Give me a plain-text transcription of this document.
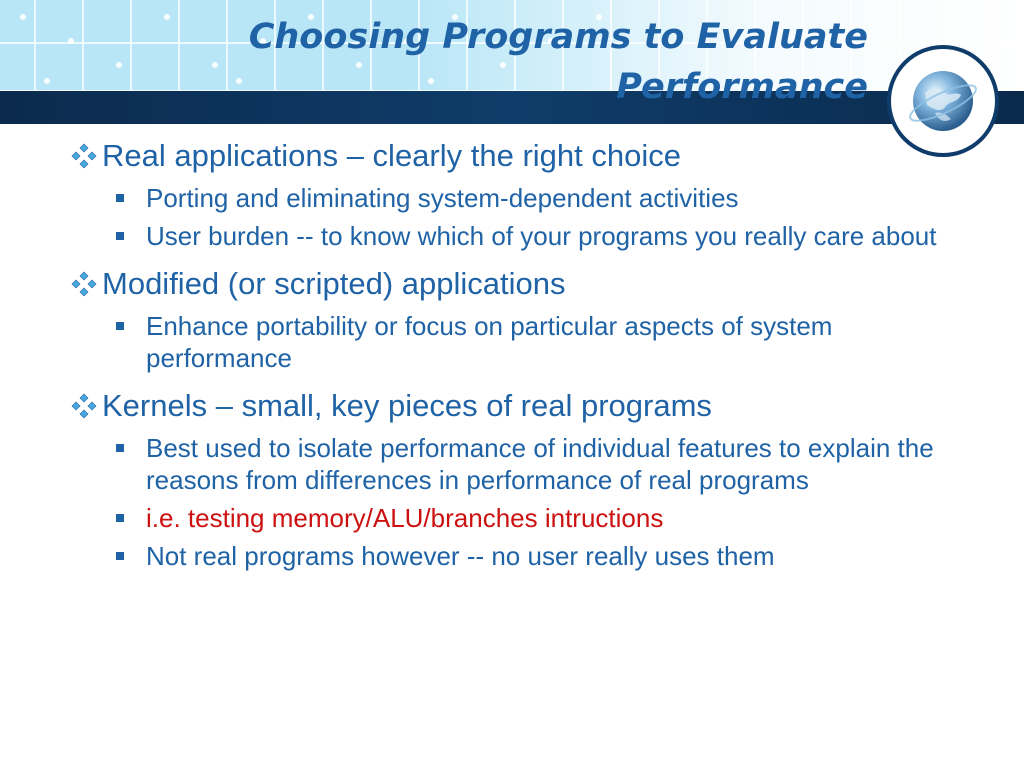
Choosing Programs to Evaluate Performance
Real applications – clearly the right choice
Porting and eliminating system-dependent activities
User burden -- to know which of your programs you really care about
Modified (or scripted) applications
Enhance portability or focus on particular aspects of system performance
Kernels – small, key pieces of real programs
Best used to isolate performance of individual features to explain the reasons from differences in performance of real programs
i.e. testing memory/ALU/branches intructions
Not real programs however -- no user really uses them
